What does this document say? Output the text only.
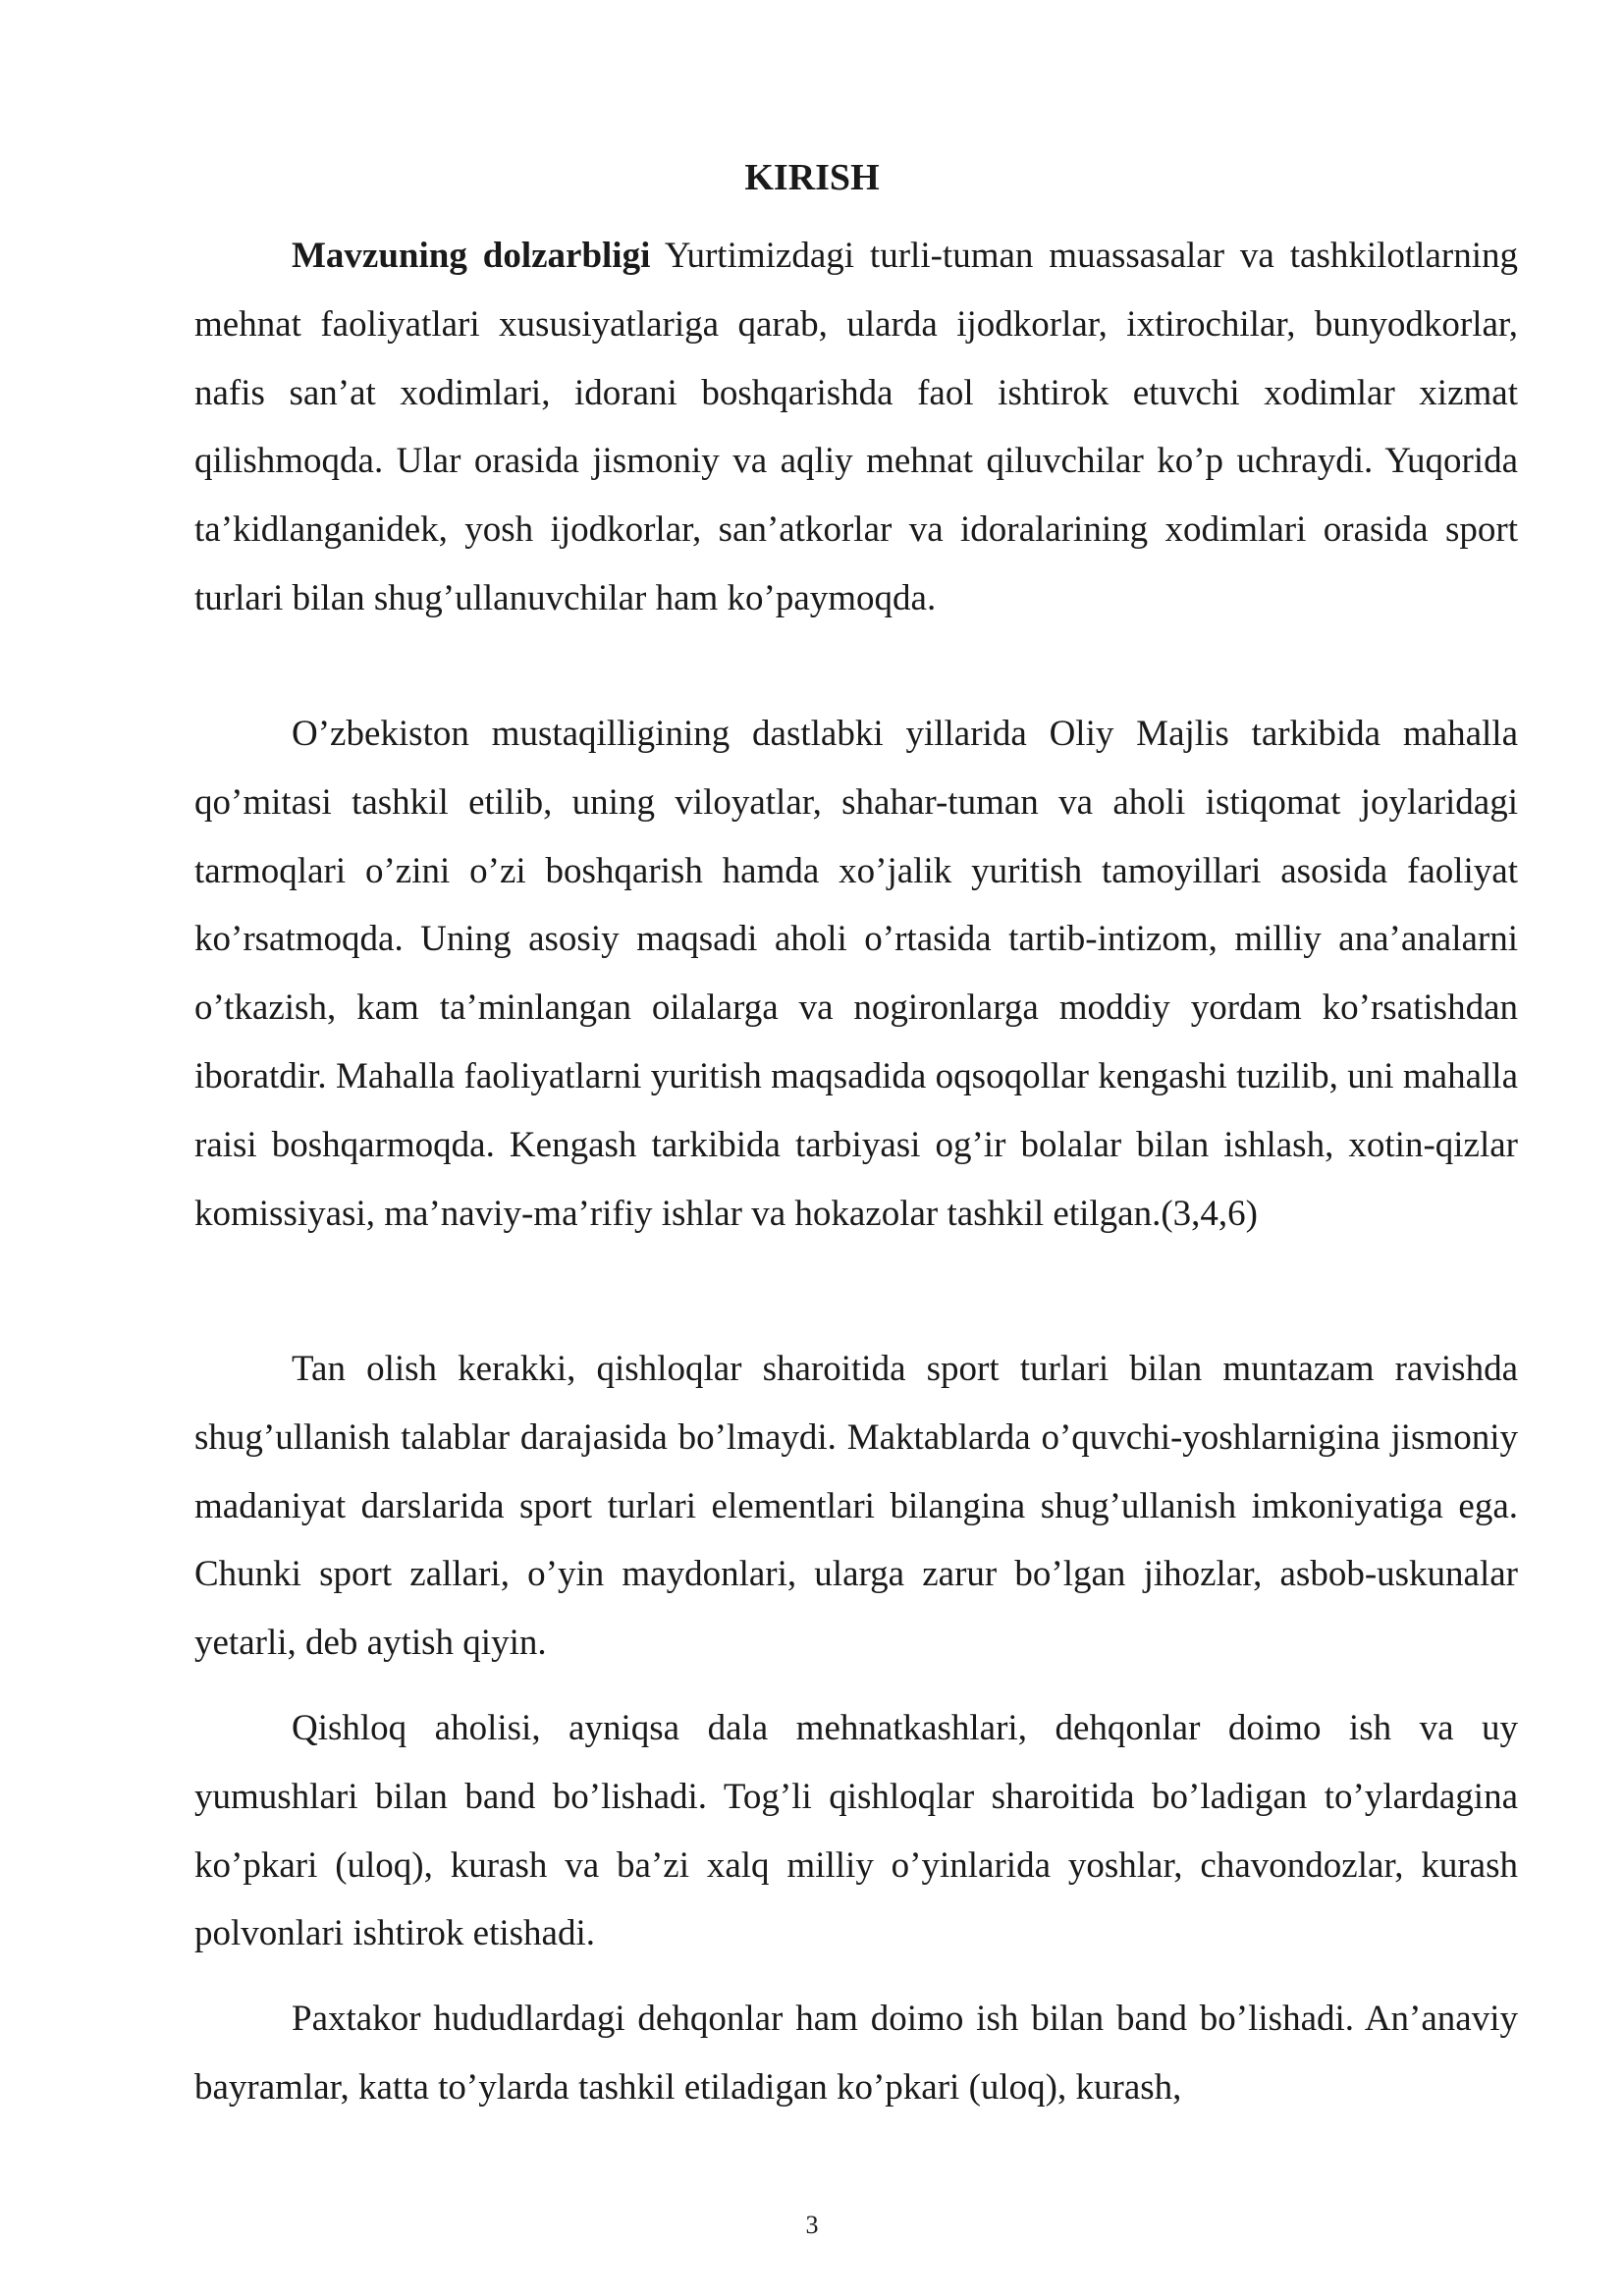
KIRISH

Mavzuning dolzarbligi Yurtimizdagi turli-tuman muassasalar va tashkilotlarning mehnat faoliyatlari xususiyatlariga qarab, ularda ijodkorlar, ixtirochilar, bunyodkorlar, nafis san’at xodimlari, idorani boshqarishda faol ishtirok etuvchi xodimlar xizmat qilishmoqda. Ular orasida jismoniy va aqliy mehnat qiluvchilar ko’p uchraydi. Yuqorida ta’kidlanganidek, yosh ijodkorlar, san’atkorlar va idoralarining xodimlari orasida sport turlari bilan shug’ullanuvchilar ham ko’paymoqda.

O’zbekiston mustaqilligining dastlabki yillarida Oliy Majlis tarkibida mahalla qo’mitasi tashkil etilib, uning viloyatlar, shahar-tuman va aholi istiqomat joylaridagi tarmoqlari o’zini o’zi boshqarish hamda xo’jalik yuritish tamoyillari asosida faoliyat ko’rsatmoqda. Uning asosiy maqsadi aholi o’rtasida tartib-intizom, milliy ana’analarni o’tkazish, kam ta’minlangan oilalarga va nogironlarga moddiy yordam ko’rsatishdan iboratdir. Mahalla faoliyatlarni yuritish maqsadida oqsoqollar kengashi tuzilib, uni mahalla raisi boshqarmoqda. Kengash tarkibida tarbiyasi og’ir bolalar bilan ishlash, xotin-qizlar komissiyasi, ma’naviy-ma’rifiy ishlar va hokazolar tashkil etilgan.(3,4,6)

Tan olish kerakki, qishloqlar sharoitida sport turlari bilan muntazam ravishda shug’ullanish talablar darajasida bo’lmaydi. Maktablarda o’quvchi-yoshlarnigina jismoniy madaniyat darslarida sport turlari elementlari bilangina shug’ullanish imkoniyatiga ega. Chunki sport zallari, o’yin maydonlari, ularga zarur bo’lgan jihozlar, asbob-uskunalar yetarli, deb aytish qiyin.

Qishloq aholisi, ayniqsa dala mehnatkashlari, dehqonlar doimo ish va uy yumushlari bilan band bo’lishadi. Tog’li qishloqlar sharoitida bo’ladigan to’ylardagina ko’pkari (uloq), kurash va ba’zi xalq milliy o’yinlarida yoshlar, chavondozlar, kurash polvonlari ishtirok etishadi.

Paxtakor hududlardagi dehqonlar ham doimo ish bilan band bo’lishadi. An’anaviy bayramlar, katta to’ylarda tashkil etiladigan ko’pkari (uloq), kurash,

3
